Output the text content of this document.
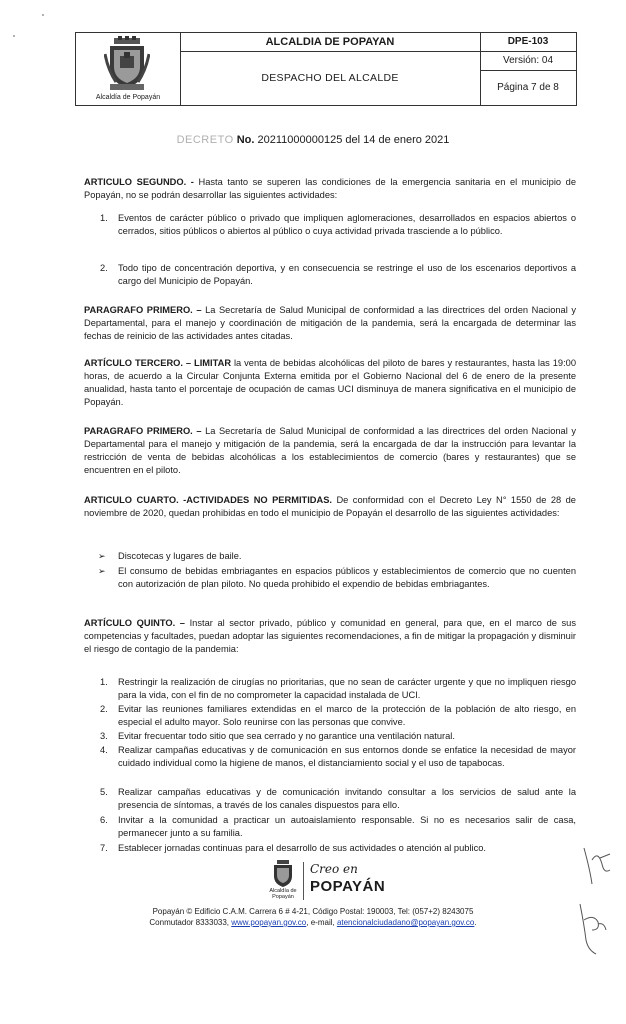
Alcaldía de Popayán
ALCALDIA DE POPAYAN
DESPACHO DEL ALCALDE
DPE-103
Versión: 04
Página 7 de 8
DECRETO No. 20211000000125 del 14 de enero 2021
ARTICULO SEGUNDO. - Hasta tanto se superen las condiciones de la emergencia sanitaria en el municipio de Popayán, no se podrán desarrollar las siguientes actividades:
1. Eventos de carácter público o privado que impliquen aglomeraciones, desarrollados en espacios abiertos o cerrados, sitios públicos o abiertos al público o cuya actividad privada trasciende a lo público.
2. Todo tipo de concentración deportiva, y en consecuencia se restringe el uso de los escenarios deportivos a cargo del Municipio de Popayán.
PARAGRAFO PRIMERO. – La Secretaría de Salud Municipal de conformidad a las directrices del orden Nacional y Departamental, para el manejo y coordinación de mitigación de la pandemia, será la encargada de determinar las fechas de reinicio de las actividades antes citadas.
ARTÍCULO TERCERO. – LIMITAR la venta de bebidas alcohólicas del piloto de bares y restaurantes, hasta las 19:00 horas, de acuerdo a la Circular Conjunta Externa emitida por el Gobierno Nacional del 6 de enero de la presente anualidad, hasta tanto el porcentaje de ocupación de camas UCI disminuya de manera significativa en el municipio de Popayán.
PARAGRAFO PRIMERO. – La Secretaría de Salud Municipal de conformidad a las directrices del orden Nacional y Departamental para el manejo y mitigación de la pandemia, será la encargada de dar la instrucción para levantar la restricción de venta de bebidas alcohólicas a los establecimientos de comercio (bares y restaurantes) que se encuentren en el piloto.
ARTICULO CUARTO. -ACTIVIDADES NO PERMITIDAS. De conformidad con el Decreto Ley N° 1550 de 28 de noviembre de 2020, quedan prohibidas en todo el municipio de Popayán el desarrollo de las siguientes actividades:
➢ Discotecas y lugares de baile.
➢ El consumo de bebidas embriagantes en espacios públicos y establecimientos de comercio que no cuenten con autorización de plan piloto. No queda prohibido el expendio de bebidas embriagantes.
ARTÍCULO QUINTO. – Instar al sector privado, público y comunidad en general, para que, en el marco de sus competencias y facultades, puedan adoptar las siguientes recomendaciones, a fin de mitigar la propagación y disminuir el riesgo de contagio de la pandemia:
1. Restringir la realización de cirugías no prioritarias, que no sean de carácter urgente y que no impliquen riesgo para la vida, con el fin de no comprometer la capacidad instalada de UCI.
2. Evitar las reuniones familiares extendidas en el marco de la protección de la población de alto riesgo, en especial el adulto mayor. Solo reunirse con las personas que convive.
3. Evitar frecuentar todo sitio que sea cerrado y no garantice una ventilación natural.
4. Realizar campañas educativas y de comunicación en sus entornos donde se enfatice la necesidad de mayor cuidado individual como la higiene de manos, el distanciamiento social y el uso de tapabocas.
5. Realizar campañas educativas y de comunicación invitando consultar a los servicios de salud ante la presencia de síntomas, a través de los canales dispuestos para ello.
6. Invitar a la comunidad a practicar un autoaislamiento responsable. Si no es necesarios salir de casa, permanecer junto a su familia.
7. Establecer jornadas continuas para el desarrollo de sus actividades o atención al publico.
Alcaldía de Popayán
Creo en
POPAYÁN
Popayán © Edificio C.A.M. Carrera 6 # 4-21, Código Postal: 190003, Tel: (057+2) 8243075
Conmutador 8333033, www.popayan.gov.co, e-mail, atencionalciudadano@popayan.gov.co.
